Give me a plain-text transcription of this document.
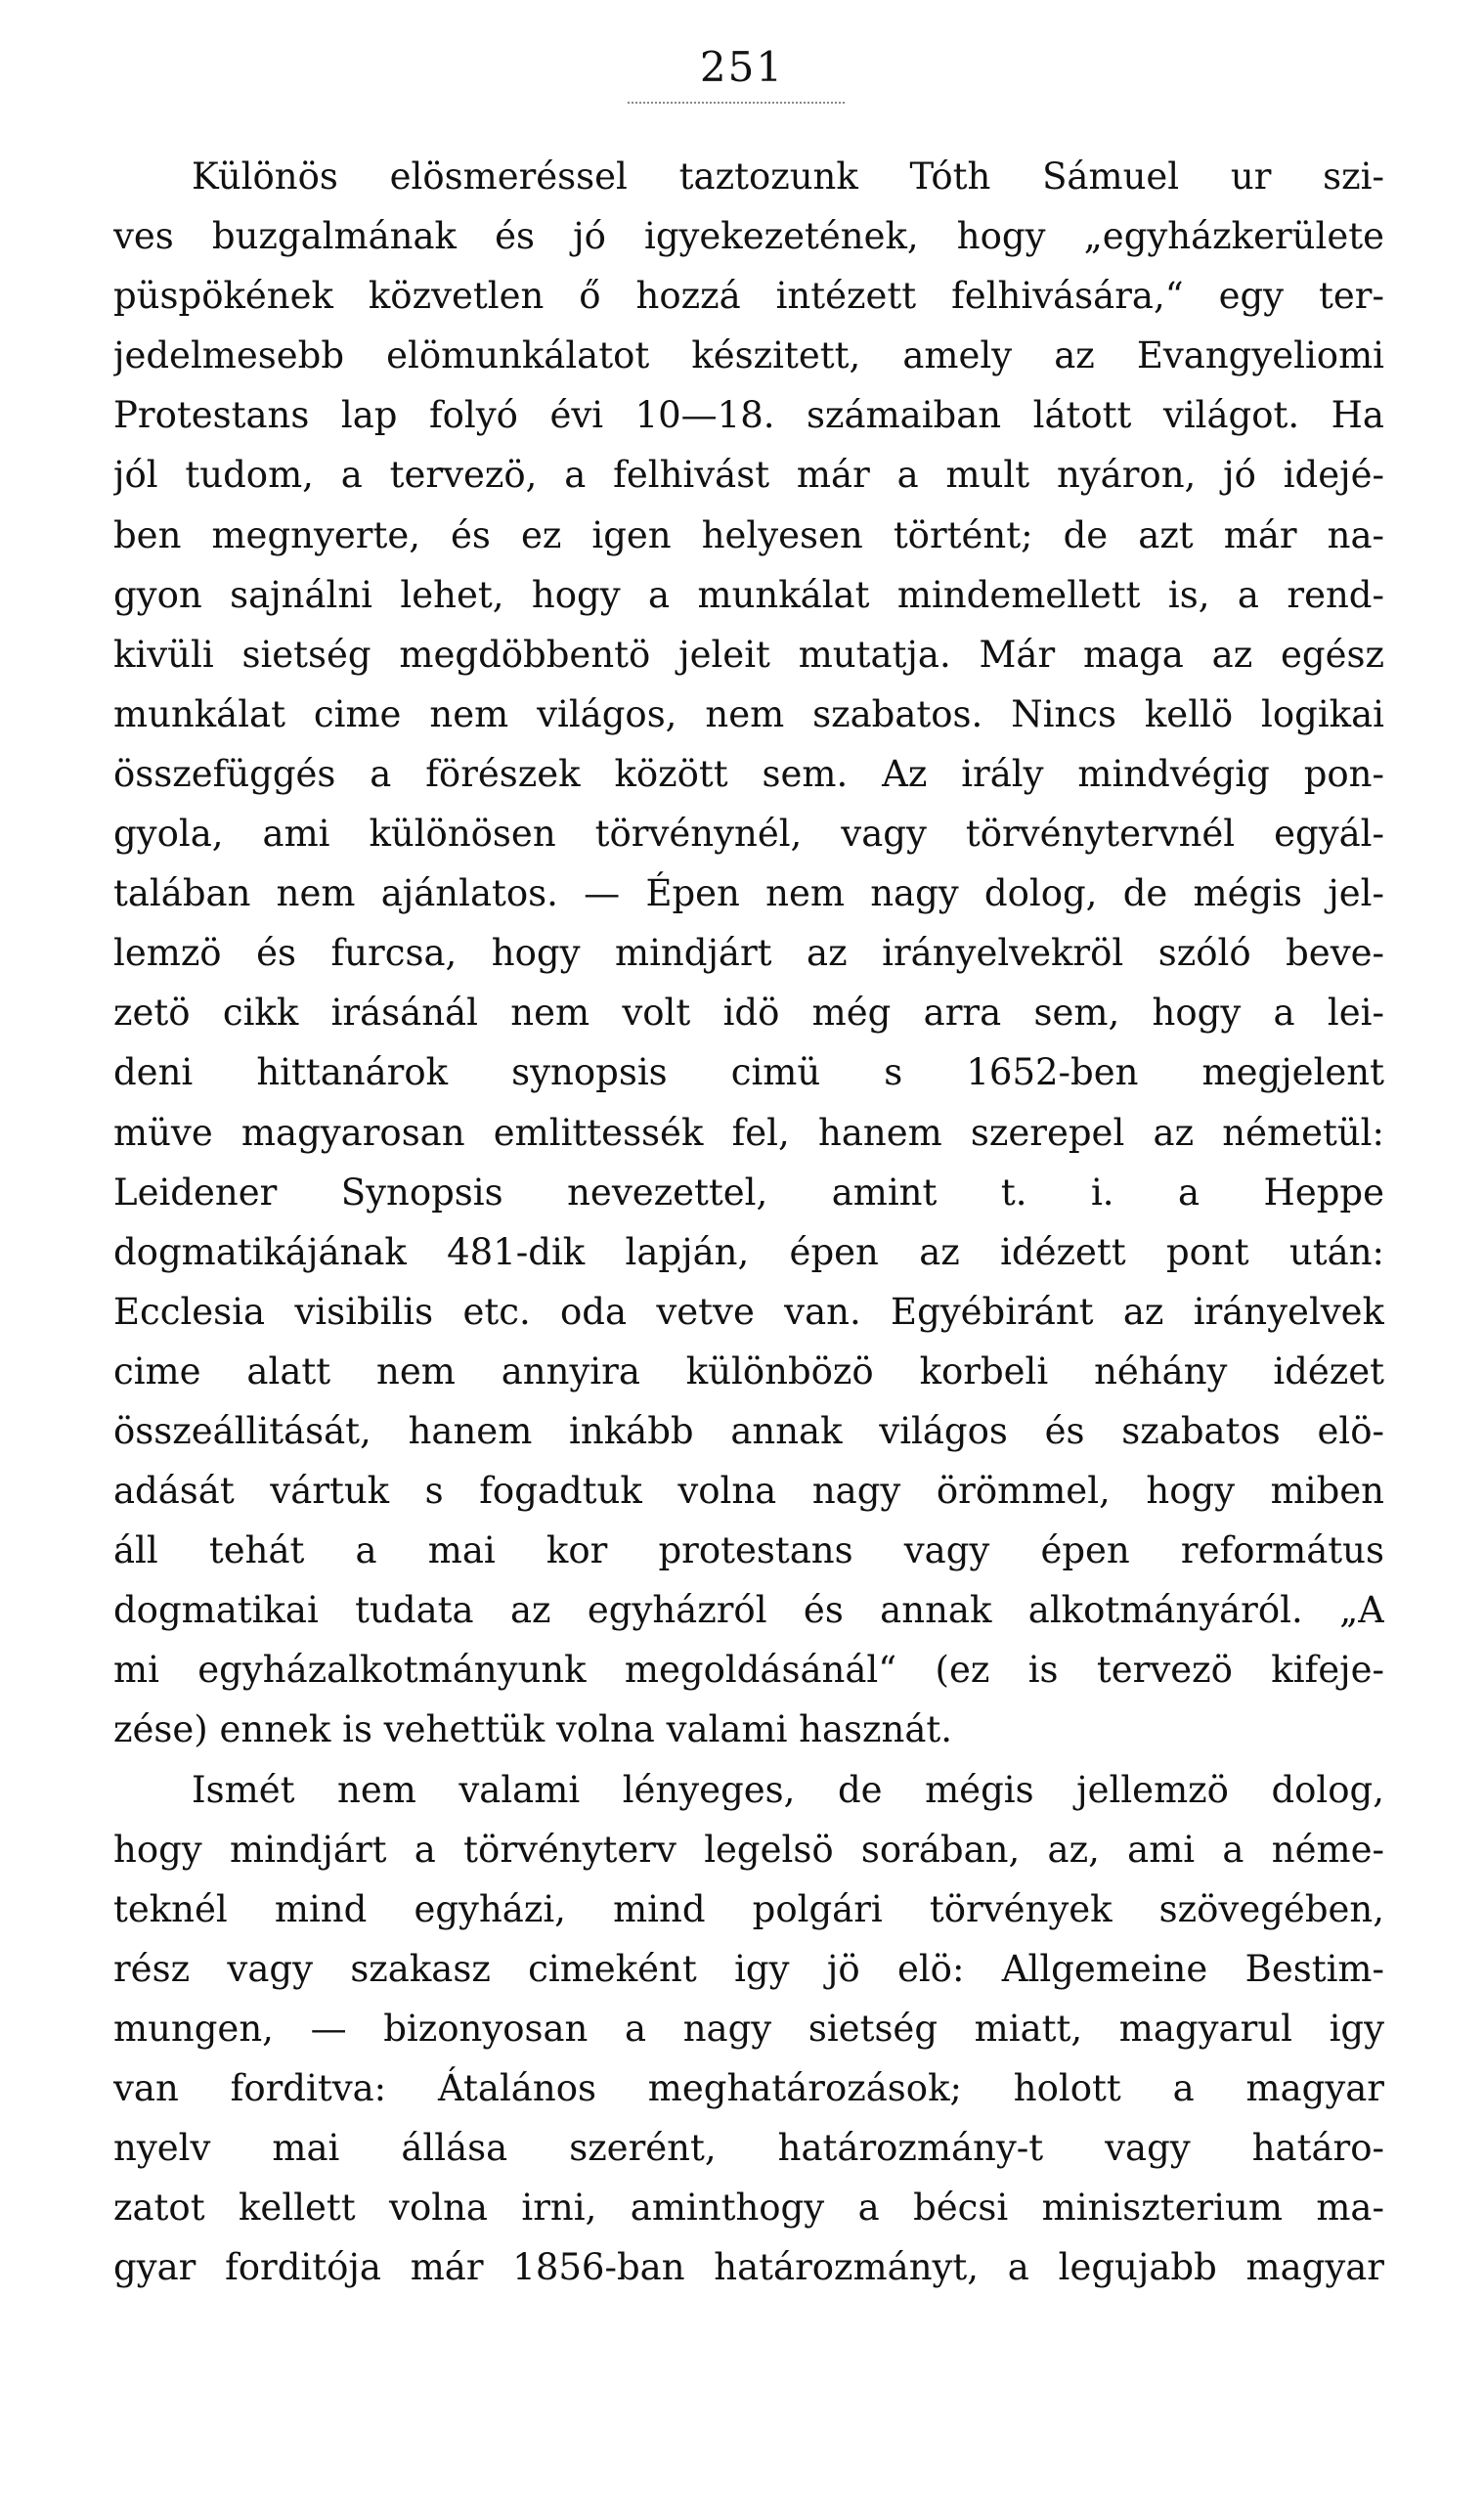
251
Különös elösmeréssel taztozunk Tóth Sámuel ur szi-
ves buzgalmának és jó igyekezetének, hogy „egyházkerülete
püspökének közvetlen ő hozzá intézett felhivására,“ egy ter-
jedelmesebb elömunkálatot készitett, amely az Evangyeliomi
Protestans lap folyó évi 10—18. számaiban látott világot. Ha
jól tudom, a tervezö, a felhivást már a mult nyáron, jó idejé-
ben megnyerte, és ez igen helyesen történt; de azt már na-
gyon sajnálni lehet, hogy a munkálat mindemellett is, a rend-
kivüli sietség megdöbbentö jeleit mutatja. Már maga az egész
munkálat cime nem világos, nem szabatos. Nincs kellö logikai
összefüggés a förészek között sem. Az irály mindvégig pon-
gyola, ami különösen törvénynél, vagy törvénytervnél egyál-
talában nem ajánlatos. — Épen nem nagy dolog, de mégis jel-
lemzö és furcsa, hogy mindjárt az irányelvekröl szóló beve-
zetö cikk irásánál nem volt idö még arra sem, hogy a lei-
deni hittanárok synopsis cimü s 1652-ben megjelent
müve magyarosan emlittessék fel, hanem szerepel az németül:
Leidener Synopsis nevezettel, amint t. i. a Heppe
dogmatikájának 481-dik lapján, épen az idézett pont után:
Ecclesia visibilis etc. oda vetve van. Egyébiránt az irányelvek
cime alatt nem annyira különbözö korbeli néhány idézet
összeállitását, hanem inkább annak világos és szabatos elö-
adását vártuk s fogadtuk volna nagy örömmel, hogy miben
áll tehát a mai kor protestans vagy épen református
dogmatikai tudata az egyházról és annak alkotmányáról. „A
mi egyházalkotmányunk megoldásánál“ (ez is tervezö kifeje-
zése) ennek is vehettük volna valami hasznát.
Ismét nem valami lényeges, de mégis jellemzö dolog,
hogy mindjárt a törvényterv legelsö sorában, az, ami a néme-
teknél mind egyházi, mind polgári törvények szövegében,
rész vagy szakasz cimeként igy jö elö: Allgemeine Bestim-
mungen, — bizonyosan a nagy sietség miatt, magyarul igy
van forditva: Átalános meghatározások; holott a magyar
nyelv mai állása szerént, határozmány-t vagy határo-
zatot kellett volna irni, aminthogy a bécsi miniszterium ma-
gyar forditója már 1856-ban határozmányt, a legujabb magyar
